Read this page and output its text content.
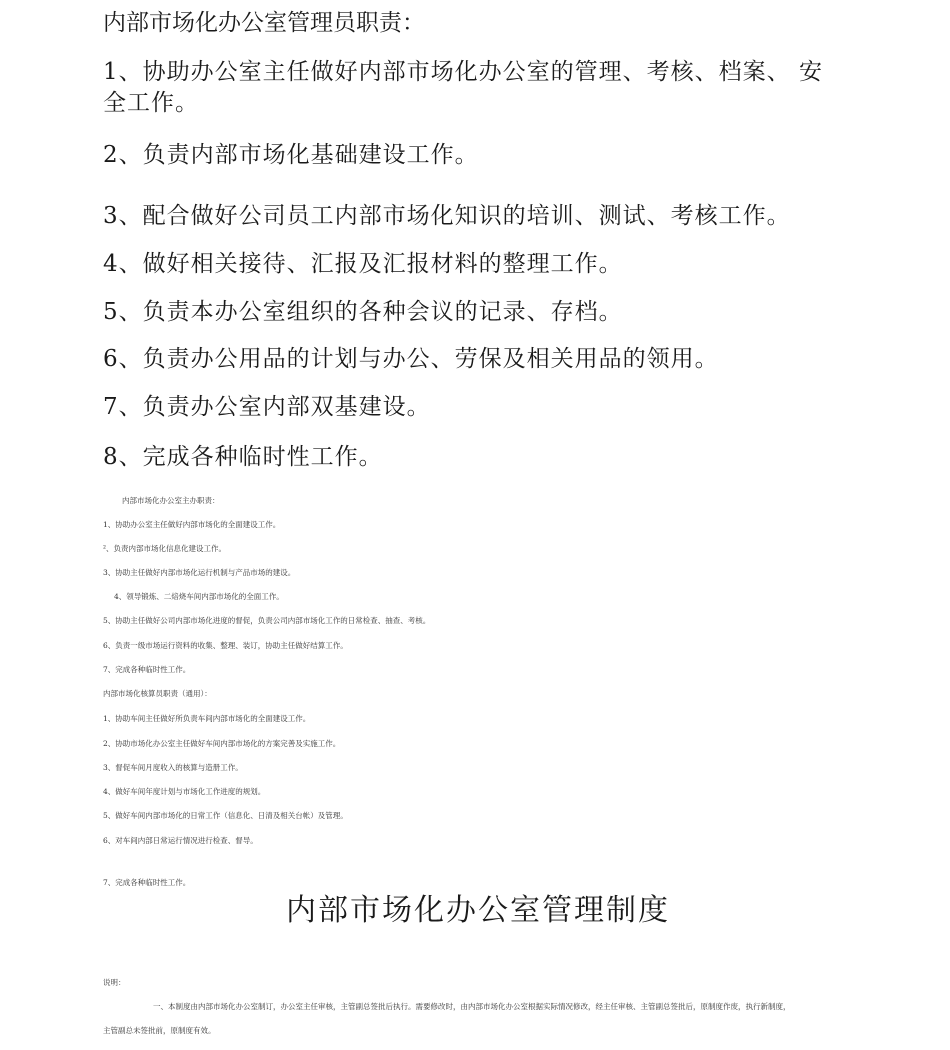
内部市场化办公室管理员职责：
1、协助办公室主任做好内部市场化办公室的管理、考核、档案、 安
全工作。
2、负责内部市场化基础建设工作。
3、配合做好公司员工内部市场化知识的培训、测试、考核工作。
4、做好相关接待、汇报及汇报材料的整理工作。
5、负责本办公室组织的各种会议的记录、存档。
6、负责办公用品的计划与办公、劳保及相关用品的领用。
7、负责办公室内部双基建设。
8、完成各种临时性工作。
内部市场化办公室主办职责：
1、协助办公室主任做好内部市场化的全面建设工作。
²、负责内部市场化信息化建设工作。
3、协助主任做好内部市场化运行机制与产品市场的建设。
4、领导锻炼、二焙烧车间内部市场化的全面工作。
5、协助主任做好公司内部市场化进度的督促，负责公司内部市场化工作的日常检查、抽查、考核。
6、负责一级市场运行资料的收集、整理、装订，协助主任做好结算工作。
7、完成各种临时性工作。
内部市场化核算员职责（通用）：
1、协助车间主任做好所负责车间内部市场化的全面建设工作。
2、协助市场化办公室主任做好车间内部市场化的方案完善及实施工作。
3、督促车间月度收入的核算与造册工作。
4、做好车间年度计划与市场化工作进度的规划。
5、做好车间内部市场化的日常工作（信息化、日清及相关台帐）及管理。
6、对车间内部日常运行情况进行检查、督导。
7、完成各种临时性工作。
内部市场化办公室管理制度
说明：
一、本制度由内部市场化办公室制订，办公室主任审核，主管副总签批后执行。需要修改时，由内部市场化办公室根据实际情况修改，经主任审核、主管副总签批后，原制度作废，执行新制度，
主管副总未签批前，原制度有效。
